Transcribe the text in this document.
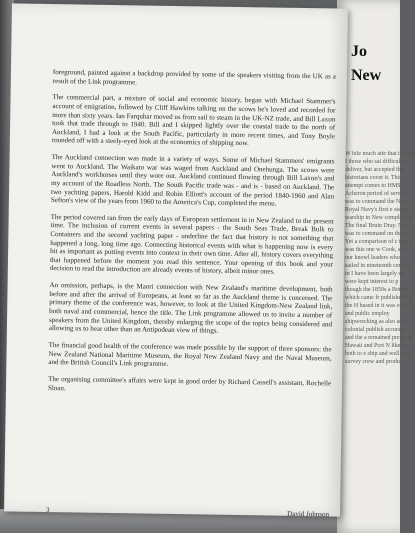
Jo
New
W hile much atte that to new I those who sai difficult to deliver, but accepted the historians cover it. This attempt comes to HMS Acheron period of service was to command the New Royal Navy's first e steam warship in New complete it. The final Bruin Dray. Nor was to command on the vo Yet a comparison of c that it was this one w Cook, and our knowl leaders who sailed in nineteenth century in I have been largely sp were kept interest to p though the 1850s a Botany which came fr published by the H based in it was on th and public employ shipwrecking as also as a colonial publish accurate and the a remained pretty as Hawaii and Port N likely both to e ship and well w a survey crew and produc

foreground, painted against a backdrop provided by some of the speakers visiting from the UK as a result of the Link programme.

The commercial part, a mixture of social and economic history, began with Michael Stammer's account of emigration, followed by Cliff Hawkins talking on the scows he's loved and recorded for more than sixty years. Ian Farquhar moved us from sail to steam in the UK-NZ trade, and Bill Laxon took that trade through to 1940. Bill and I skipped lightly over the coastal trade to the north of Auckland, I had a look at the South Pacific, particularly in more recent times, and Tony Boyle rounded off with a steely-eyed look at the economics of shipping now.

The Auckland connection was made in a variety of ways. Some of Michael Stammers' emigrants went to Auckland. The Waikato war was waged from Auckland and Onehunga. The scows were Auckland's workhorses until they wore out. Auckland continued flowing through Bill Laxon's and my account of the Roadless North. The South Pacific trade was - and is - based on Auckland. The two yachting papers, Harold Kidd and Robin Elliott's account of the period 1840-1960 and Alan Sefton's view of the years from 1960 to the America's Cup, completed the menu.

The period covered ran from the early days of European settlement in in New Zealand to the present time. The inclusion of current events in several papers - the South Seas Trade, Break Bulk to Containers and the second yachting paper - underline the fact that history is not something that happened a long, long time ago. Connecting historical events with what is happening now is every bit as important as putting events into context in their own time. After all, history covers everything that happened before the moment you read this sentence. Your opening of this book and your decision to read the introduction are already events of history, albeit minor ones.

An omission, perhaps, is the Maori connection with New Zealand's maritime development, both before and after the arrival of Europeans, at least so far as the Auckland theme is concerned. The primary theme of the conference was, however, to look at the United Kingdom-New Zealand link, both naval and commercial, hence the title. The Link programme allowed us to invite a number of speakers from the United Kingdom, thereby enlarging the scope of the topics being considered and allowing us to hear other than an Antipodean view of things.

The financial good health of the conference was made possible by the support of three sponsors: the New Zealand National Maritime Museum, the Royal New Zealand Navy and the Naval Museum, and the British Council's Link programme.

The organising committee's affairs were kept in good order by Richard Cassell's assistant, Rochelle Sloan.

3	David Johnson
